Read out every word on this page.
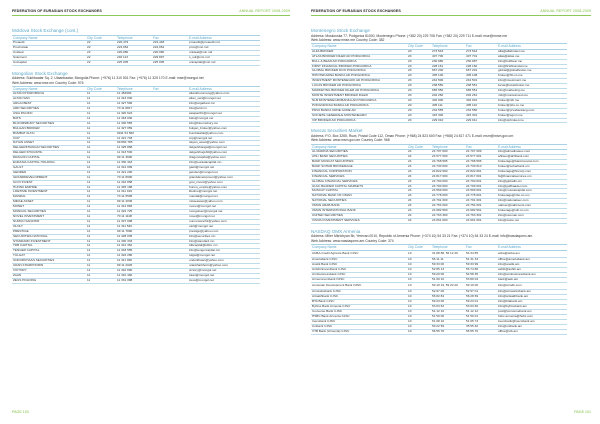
FEDERATION OF EURASIAN STOCK EXCHANGES	ANNUAL REPORT 2008-2009
Moldova Stock Exchange (cont.)
Company Name	City Code	Telephone	Fax	E-mail Address
Proaudit	22	220,479	222,448	proaudit@proaudit.md
Provinciale	22	222,062	222,062	prov@mtc.md
Unideal	22	220,080	220,080	unideal@mtc.md
Suleimeni	22	246 113	229 897	s_sul@mtc.md
Unicapital	22	225 005	225 005	unicapital@mtc.md
Mongolian Stock Exchange
Address: Sukhbaatar Sq. 2, Ulaanbaatar, Mongolia Phone: (+976) 11 310 501 Fax: (+976) 11 325 170 E-mail: mse@mongol.net
Web Address: www.mse.mn Country Code: 976
Company Name	City Code	Telephone	Fax	E-mail Address
ALTAN KHOROMSOG	11	11 453999		altankhoromsog@yahoo.com
ALTAN SAN	11	11 313 030		altan_san@mongol.net
ARGAI BEST	11	11 327 596		info@argaibest.mn
ARD SECURITIES	11	70 11 8817		info@ard.mn
ASIA PACIFIC	11	11 320 624		asiapacific@mongol.net
BATS	11	11 318 030		bats@mongol.net
BLOOMSBURY SECURITIES	11	11 330 555		info@bloomsbury.mn
BULGAN BROKER	11	11 327 059		bulgan_broker@yahoo.com
BUMBAT ALTAI	11	9911 53 560		bumbataltai@yahoo.com
CCP	11	11 321 703		ccp@mongol.net
DAYAN ASSET	11	99 884 785		dayan_asset@yahoo.com
DELGERKHANGAI SECURITIES	11	11 325 868		delgerkhangai@mongol.net
DELGER KHUGSHIL	11	11 313 530		delgerkhugshil@yahoo.com
DRAGON CAPITAL	11	99 11 3690		dragoncapital@yahoo.com
EURASIA CAPITAL HOLDING	11	11 330 418		info@eurasiacapital.mn
GAULT	11	11 312 099		gault@mongol.net
GENDEN	11	11 321 200		genden@mongol.net
GRANDDEVELOPMENT	11	70 11 8900		granddevelopment@yahoo.com
GOVI INVEST	11	11 316 858		govi_invest@yahoo.com
HUNNU EMPIRE	11	11 345 188		hunnu_empire@yahoo.com
LIFETIME INVESTMENT	11	11 311 016		lifetime@mongol.net
MANDAL	11	70 11 5505		mandal@mongol.net
MIRAE ASSET	11	99 11 4036		miraeasset@yahoo.com
MONET	11	11 312 883		monet@mongol.net
MONGOL SECURITIES	11	11 322 725		mongolsec@mongol.net
NOVEL INVESTMENT	11	70 11 1108		novel@mongol.net
NUMUN SANCHIR	11	11 327 008		numunsanchir@yahoo.com
OLOLT	11	11 311 540		ololt@mongol.net
PRESTIGE	11	99 11 7890		prestige@yahoo.com
SECURITIES NATIONAL	11	11 328 035		info@securities.mn
STANDARD INVESTMENT	11	11 330 333		info@standard.mn
TDB CAPITAL	11	11 312 362		tdbcapital@tdbm.mn
TENGER CAPITAL	11	11 333 555		info@tengercapital.mn
TULGAT	11	11 322 280		tulgat@mongol.net
UNDURKHAAN SECURITIES	11	11 311 090		undurkhaan@yahoo.com
URAN KHARKHORIN	11	99 11 2026		urankharkhorin@yahoo.com
VICTORY	11	11 310 800		victory@mongol.net
ZAAN	11	11 310 460		zaan@mongol.net
ZEUS HOLDING	11	11 331 088		zeus@mongol.net
PAGE 100
FEDERATION OF EURASIAN STOCK EXCHANGES	ANNUAL REPORT 2008-2009
Montenegro Stock Exchange
Address: Moskovska 77, Podgorica 81000, Montenegro Phone: (+382 20) 229 708 Fax: (+382 20) 229 711 E-mail: mse@mnse.me
Web Address: www.mnse.me Country Code: 382
Company Name	City Code	Telephone	Fax	E-mail Address
ALFA BROKER	20	273 543	273 544	alfa@alfabroker.me
ATLAS BROKER DILER AD PODGORICA	20	407 700	407 701	atlas@atlas.me
BULL & BEAR AD PODGORICA	20	230 980	230 987	info@bullbear.me
FIRST FINANCIAL BROKER PODGORICA	20	228 161	228 160	info@firstfinancial.me
GLOBAL BROKER DOO PODGORICA	20	667 200	667 201	global@globalbroker.me
HIPOTEKARNA BANKA AD PODGORICA	20	405 100	405 108	broker@hb.co.me
INVESTMENT MONTENEGRO AD PODGORICA	20	242 500	242 501	info@investment.me
LUCAS BROKER AD PODGORICA	20	238 550	238 551	lucas@lucasbroker.me
MARKETING BROKER DILER AD PODGORICA	20	665 550	665 551	info@marketing.me
MONTE INVESTMENT BROKER DILER	20	202 260	202 261	mib@monteinvest.me
NLB MONTENEGROBANKA AD PODGORICA	20	402 000	402 001	broker@nlb.me
PODGORICKA BANKA AD PODGORICA	20	405 111	405 110	broker@pbs.co.me
PRVA BANKA CRNE GORE AD	20	234 555	234 550	broker@prvabankacg.com
SOCIETE GENERALE MONTENEGRO	20	415 300	415 301	broker@sgmn.me
VIP BROKER AD PODGORICA	20	229 010	229 011	info@vipbroker.me
Muscat Securities Market
Address: P.O. Box 3265, Ruwi, Postal Code 112, Oman Phone: (+968) 24 823 600 Fax: (+968) 24 817 471 E-mail: msm@msm.gov.om
Web Address: www.msm.gov.om Country Code: 968
Company Name	City Code	Telephone	Fax	E-mail Address
AL MADINA SECURITIES	24	24 707 000	24 707 009	info@almadinasec.com
AHLI BANK SECURITIES	24	24 577 000	24 577 001	ahlisec@ahlibank.com
BANK MUSCAT SECURITIES	24	24 768 595	24 768 596	brokerage@bankmuscat.com
BANK SOHAR BROKERAGE	24	24 730 000	24 730 010	broker@soharbank.om
FINANCIAL CORPORATION	24	24 822 600	24 822 601	brokerage@fincorp.com
FINANCIAL SERVICES	24	24 817 000	24 817 001	fs@financialservices.om
GLOBAL FINANCIAL SERVICES	24	24 700 000	24 700 001	info@globalfs.om
GULF BAADER CAPITAL MARKETS	24	24 790 000	24 790 001	info@gulfbaader.com
MUSCAT CAPITAL	24	24 569 000	24 569 001	info@muscatcapital.com
NATIONAL BANK OF OMAN	24	24 778 000	24 778 001	brokerage@nbo.co.om
NATIONAL SECURITIES	24	24 791 000	24 791 001	info@nationalsec.com
OMAN ARAB BANK	24	24 754 000	24 754 001	oabsec@oabinvest.com
OMAN INTERNATIONAL BANK	24	24 682 500	24 682 501	brokerage@oib.co.om
UNITED SECURITIES	24	24 763 300	24 763 301	info@usoman.com
VISION INVESTMENT SERVICES	24	24 661 000	24 661 001	info@vision.om
NASDAQ OMX Armenia
Address: Mher Mkrtchyan 5b, Yerevan 0010, Republic of Armenia Phone: (+374 10) 54 33 21 Fax: (+374 10) 54 33 24 E-mail: info@nasdaqomx.am
Web Address: www.nasdaqomx.am Country Code: 374
Company Name	City Code	Telephone	Fax	E-mail Address
ACBA-Credit Agricole Bank CJSC	10	31 88 88, 56 12 26	54 34 85	acba@acba.am
Ameriabank CJSC	10	56 11 11	51 31 33	office@ameriabank.am
Anelik Bank CJSC	10	59 33 00	59 33 99	info@anelik.am
Ardshininvestbank CJSC	10	52 85 13	56 74 86	ashib@ashib.am
Armbusinessbank CJSC	10	59 20 00	54 58 35	info@armbusinessbank.am
Armeconombank OJSC	10	51 09 10	53 89 04	bank@aeb.am
Armenian Development Bank OJSC	10	59 19 19, 59 20 20	59 19 00	info@armdb.com
Armswissbank CJSC	10	52 97 00	52 97 01	info@armswissbank.am
Artsakhbank CJSC	10	56 82 84	56 28 69	info@artsakhbank.am
BTA Bank CJSC	10	59 23 00	59 23 01	info@btabank.am
Byblos Bank Armenia CJSC	10	53 03 62	53 03 60	info@byblosbank.am
Converse Bank CJSC	10	51 12 10	51 12 12	post@conversebank.am
HSBC Bank Armenia CJSC	10	51 50 00	51 50 01	hsbc.armenia@hsbc.com
Inecobank CJSC	10	51 08 10	51 05 73	inecobank@inecobank.am
Unibank CJSC	10	59 22 59	35 55 40	info@unibank.am
VTB Bank (Armenia) CJSC	10	56 55 78	56 55 76	office@vtb.am
PAGE 101
